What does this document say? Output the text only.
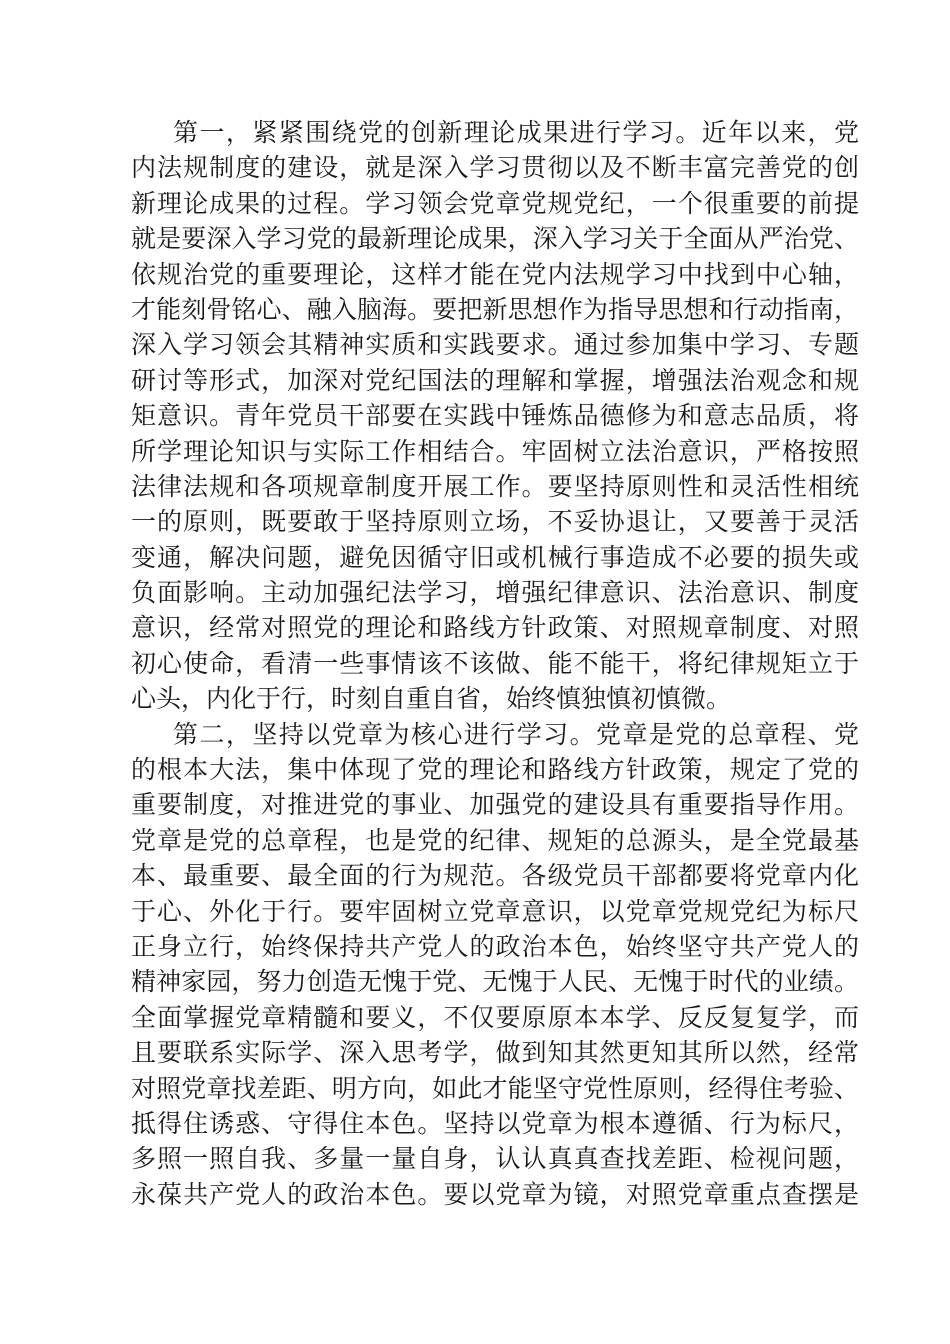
第一，紧紧围绕党的创新理论成果进行学习。近年以来，党
内法规制度的建设，就是深入学习贯彻以及不断丰富完善党的创
新理论成果的过程。学习领会党章党规党纪，一个很重要的前提
就是要深入学习党的最新理论成果，深入学习关于全面从严治党、
依规治党的重要理论，这样才能在党内法规学习中找到中心轴，
才能刻骨铭心、融入脑海。要把新思想作为指导思想和行动指南，
深入学习领会其精神实质和实践要求。通过参加集中学习、专题
研讨等形式，加深对党纪国法的理解和掌握，增强法治观念和规
矩意识。青年党员干部要在实践中锤炼品德修为和意志品质，将
所学理论知识与实际工作相结合。牢固树立法治意识，严格按照
法律法规和各项规章制度开展工作。要坚持原则性和灵活性相统
一的原则，既要敢于坚持原则立场，不妥协退让，又要善于灵活
变通，解决问题，避免因循守旧或机械行事造成不必要的损失或
负面影响。主动加强纪法学习，增强纪律意识、法治意识、制度
意识，经常对照党的理论和路线方针政策、对照规章制度、对照
初心使命，看清一些事情该不该做、能不能干，将纪律规矩立于
心头，内化于行，时刻自重自省，始终慎独慎初慎微。
第二，坚持以党章为核心进行学习。党章是党的总章程、党
的根本大法，集中体现了党的理论和路线方针政策，规定了党的
重要制度，对推进党的事业、加强党的建设具有重要指导作用。
党章是党的总章程，也是党的纪律、规矩的总源头，是全党最基
本、最重要、最全面的行为规范。各级党员干部都要将党章内化
于心、外化于行。要牢固树立党章意识，以党章党规党纪为标尺
正身立行，始终保持共产党人的政治本色，始终坚守共产党人的
精神家园，努力创造无愧于党、无愧于人民、无愧于时代的业绩。
全面掌握党章精髓和要义，不仅要原原本本学、反反复复学，而
且要联系实际学、深入思考学，做到知其然更知其所以然，经常
对照党章找差距、明方向，如此才能坚守党性原则，经得住考验、
抵得住诱惑、守得住本色。坚持以党章为根本遵循、行为标尺，
多照一照自我、多量一量自身，认认真真查找差距、检视问题，
永葆共产党人的政治本色。要以党章为镜，对照党章重点查摆是
